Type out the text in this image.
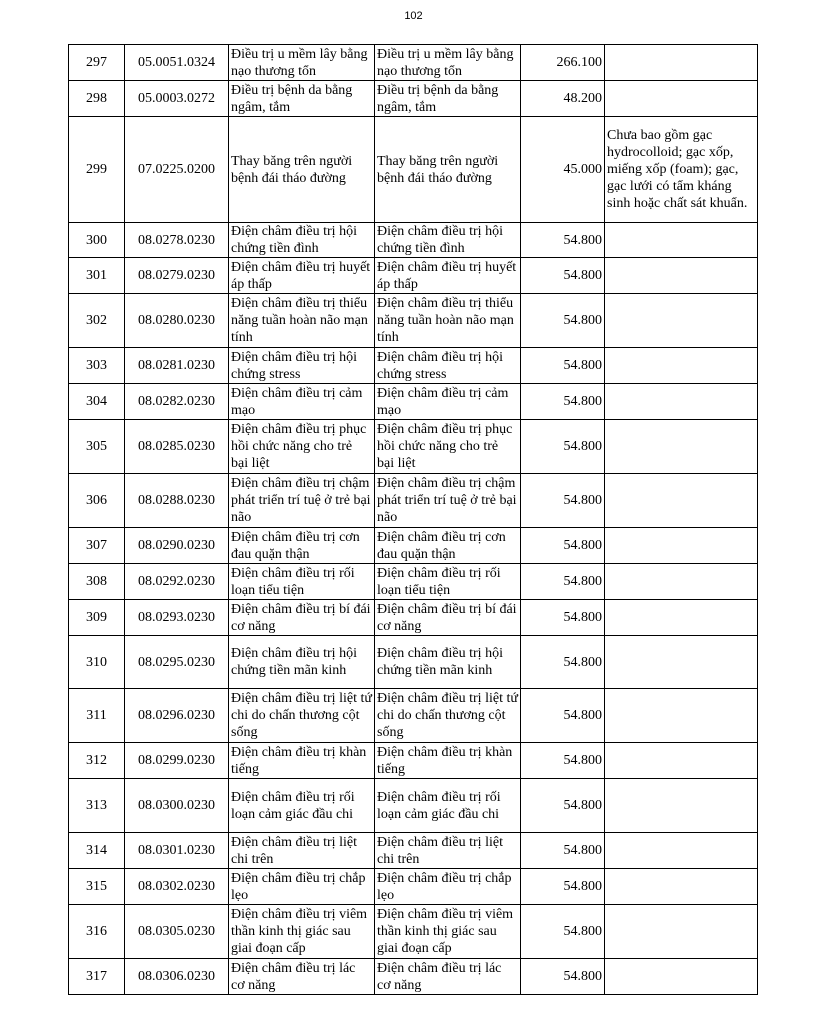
102
297	05.0051.0324	Điều trị u mềm lây bằng nạo thương tổn	Điều trị u mềm lây bằng nạo thương tổn	266.100	
298	05.0003.0272	Điều trị bệnh da bằng ngâm, tắm	Điều trị bệnh da bằng ngâm, tắm	48.200	
299	07.0225.0200	Thay băng trên người bệnh đái tháo đường	Thay băng trên người bệnh đái tháo đường	45.000	Chưa bao gồm gạc hydrocolloid; gạc xốp, miếng xốp (foam); gạc, gạc lưới có tẩm kháng sinh hoặc chất sát khuẩn.
300	08.0278.0230	Điện châm điều trị hội chứng tiền đình	Điện châm điều trị hội chứng tiền đình	54.800	
301	08.0279.0230	Điện châm điều trị huyết áp thấp	Điện châm điều trị huyết áp thấp	54.800	
302	08.0280.0230	Điện châm điều trị thiểu năng tuần hoàn não mạn tính	Điện châm điều trị thiểu năng tuần hoàn não mạn tính	54.800	
303	08.0281.0230	Điện châm điều trị hội chứng stress	Điện châm điều trị hội chứng stress	54.800	
304	08.0282.0230	Điện châm điều trị cảm mạo	Điện châm điều trị cảm mạo	54.800	
305	08.0285.0230	Điện châm điều trị phục hồi chức năng cho trẻ bại liệt	Điện châm điều trị phục hồi chức năng cho trẻ bại liệt	54.800	
306	08.0288.0230	Điện châm điều trị chậm phát triển trí tuệ ở trẻ bại não	Điện châm điều trị chậm phát triển trí tuệ ở trẻ bại não	54.800	
307	08.0290.0230	Điện châm điều trị cơn đau quặn thận	Điện châm điều trị cơn đau quặn thận	54.800	
308	08.0292.0230	Điện châm điều trị rối loạn tiểu tiện	Điện châm điều trị rối loạn tiểu tiện	54.800	
309	08.0293.0230	Điện châm điều trị bí đái cơ năng	Điện châm điều trị bí đái cơ năng	54.800	
310	08.0295.0230	Điện châm điều trị hội chứng tiền mãn kinh	Điện châm điều trị hội chứng tiền mãn kinh	54.800	
311	08.0296.0230	Điện châm điều trị liệt tứ chi do chấn thương cột sống	Điện châm điều trị liệt tứ chi do chấn thương cột sống	54.800	
312	08.0299.0230	Điện châm điều trị khàn tiếng	Điện châm điều trị khàn tiếng	54.800	
313	08.0300.0230	Điện châm điều trị rối loạn cảm giác đầu chi	Điện châm điều trị rối loạn cảm giác đầu chi	54.800	
314	08.0301.0230	Điện châm điều trị liệt chi trên	Điện châm điều trị liệt chi trên	54.800	
315	08.0302.0230	Điện châm điều trị chắp lẹo	Điện châm điều trị chắp lẹo	54.800	
316	08.0305.0230	Điện châm điều trị viêm thần kinh thị giác sau giai đoạn cấp	Điện châm điều trị viêm thần kinh thị giác sau giai đoạn cấp	54.800	
317	08.0306.0230	Điện châm điều trị lác cơ năng	Điện châm điều trị lác cơ năng	54.800	
